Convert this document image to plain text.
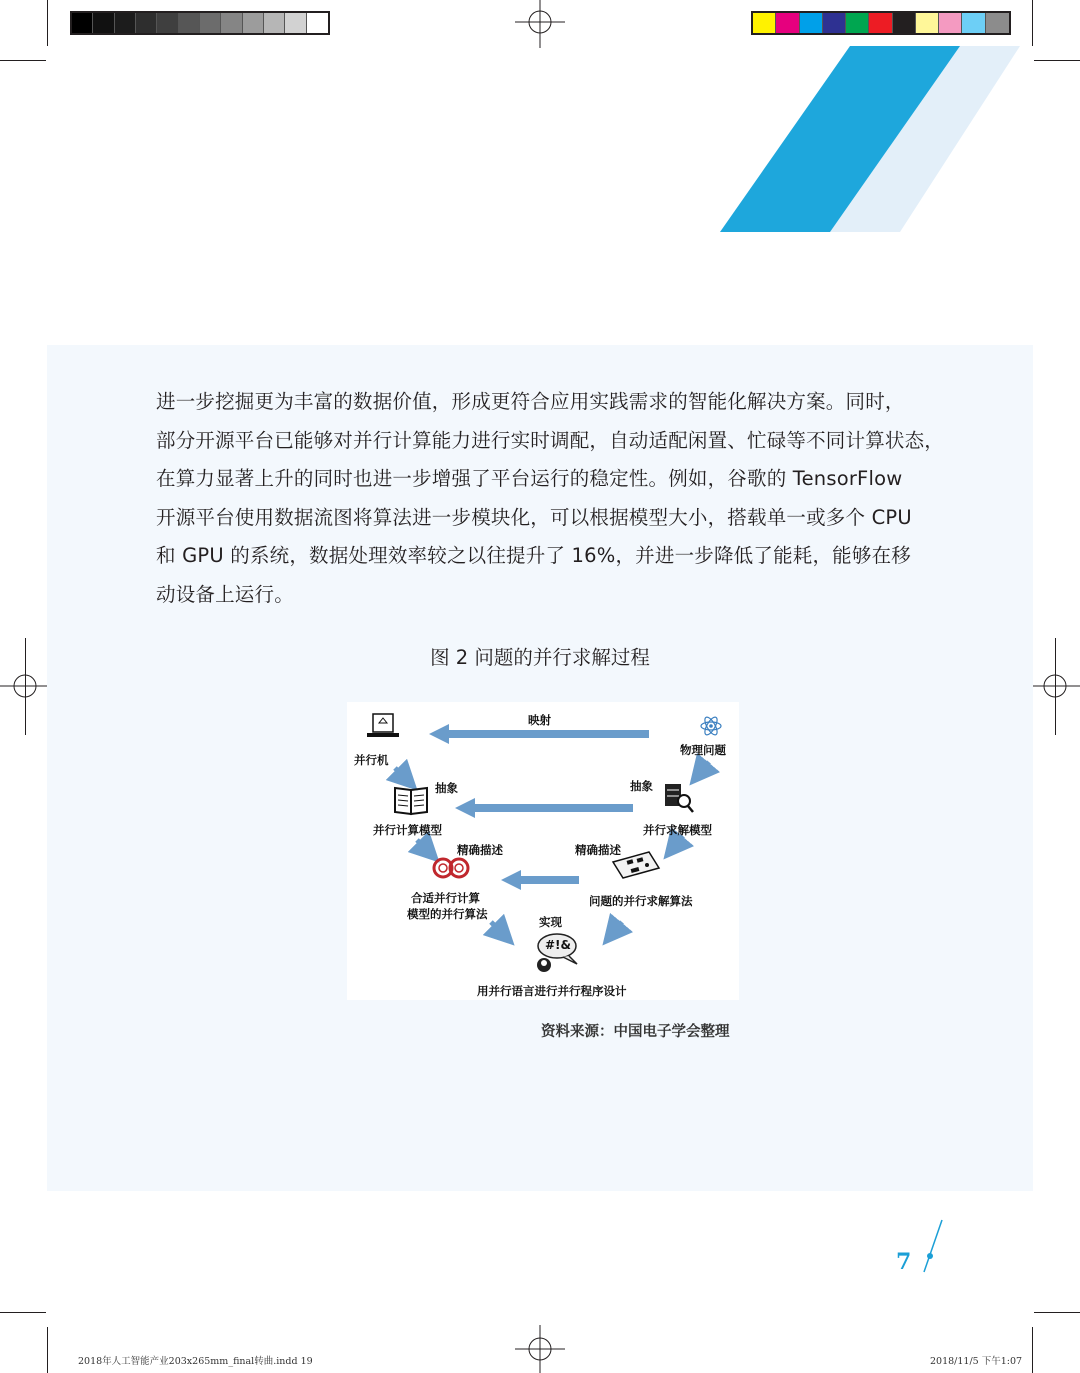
进一步挖掘更为丰富的数据价值，形成更符合应用实践需求的智能化解决方案。同时，

部分开源平台已能够对并行计算能力进行实时调配，自动适配闲置、忙碌等不同计算状态，

在算力显著上升的同时也进一步增强了平台运行的稳定性。例如，谷歌的 TensorFlow

开源平台使用数据流图将算法进一步模块化，可以根据模型大小，搭载单一或多个 CPU

和 GPU 的系统，数据处理效率较之以往提升了 16%，并进一步降低了能耗，能够在移

动设备上运行。

图 2 问题的并行求解过程
映射
并行机
物理问题
抽象	抽象
并行计算模型	并行求解模型
精确描述	精确描述
合适并行计算
模型的并行算法
问题的并行求解算法
实现
#!&
用并行语言进行并行程序设计
资料来源：中国电子学会整理
7
2018年人工智能产业203x265mm_final转曲.indd 19	2018/11/5 下午1:07
